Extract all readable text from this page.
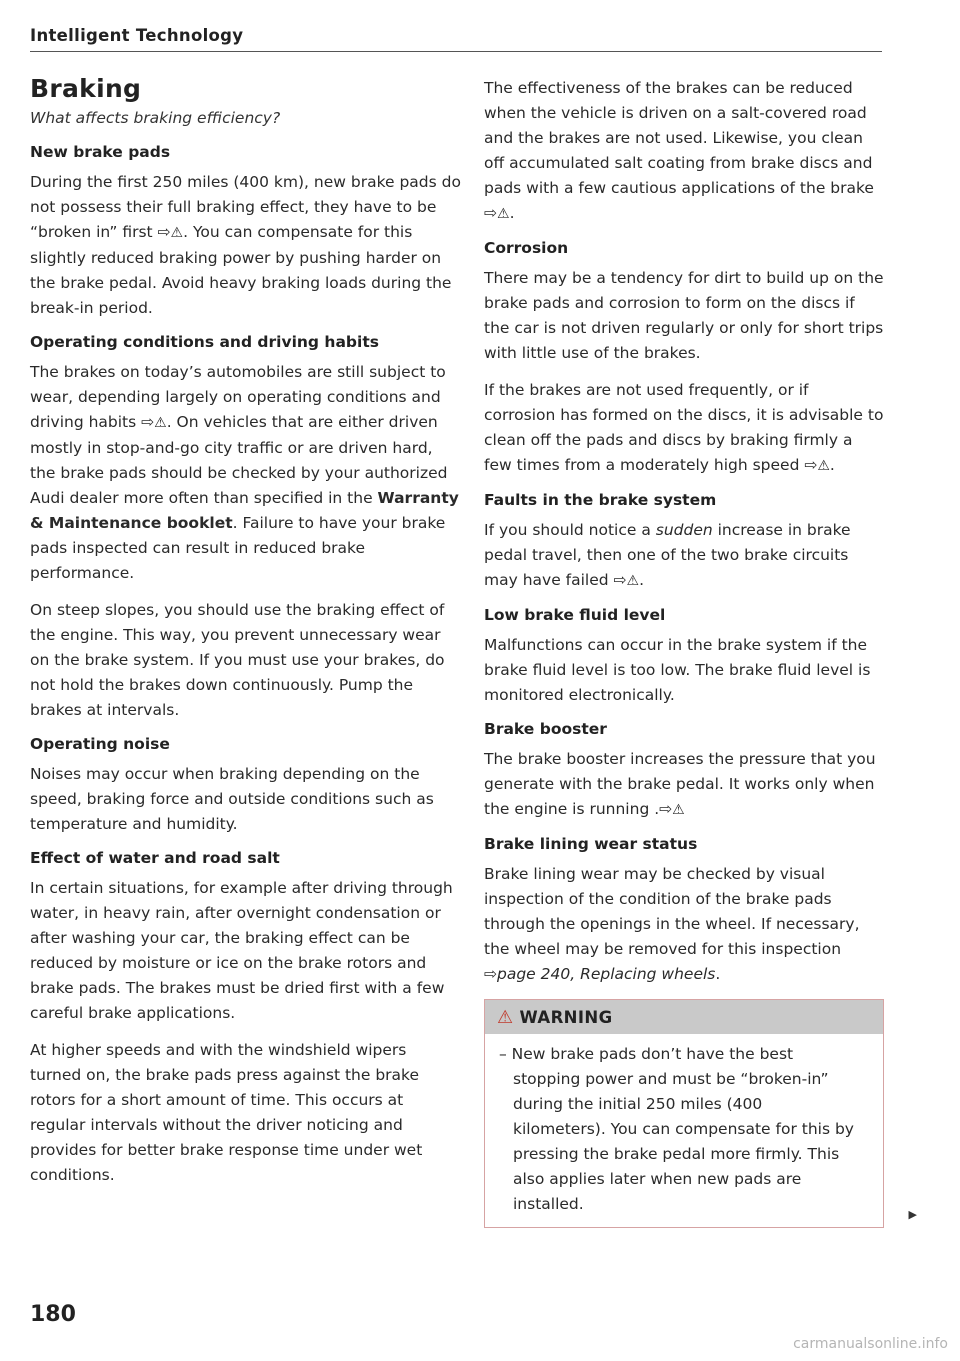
Intelligent Technology
Braking
What affects braking efficiency?
New brake pads

During the first 250 miles (400 km), new brake pads do not possess their full braking effect, they have to be “broken in” first ⇨⚠. You can compensate for this slightly reduced braking power by pushing harder on the brake pedal. Avoid heavy braking loads during the break-in period.

Operating conditions and driving habits

The brakes on today’s automobiles are still subject to wear, depending largely on operating conditions and driving habits ⇨⚠. On vehicles that are either driven mostly in stop-and-go city traffic or are driven hard, the brake pads should be checked by your authorized Audi dealer more often than specified in the Warranty & Maintenance booklet. Failure to have your brake pads inspected can result in reduced brake performance.

On steep slopes, you should use the braking effect of the engine. This way, you prevent unnecessary wear on the brake system. If you must use your brakes, do not hold the brakes down continuously. Pump the brakes at intervals.

Operating noise

Noises may occur when braking depending on the speed, braking force and outside conditions such as temperature and humidity.

Effect of water and road salt

In certain situations, for example after driving through water, in heavy rain, after overnight condensation or after washing your car, the braking effect can be reduced by moisture or ice on the brake rotors and brake pads. The brakes must be dried first with a few careful brake applications.

At higher speeds and with the windshield wipers turned on, the brake pads press against the brake rotors for a short amount of time. This occurs at regular intervals without the driver noticing and provides for better brake response time under wet conditions.

The effectiveness of the brakes can be reduced when the vehicle is driven on a salt-covered road and the brakes are not used. Likewise, you clean off accumulated salt coating from brake discs and pads with a few cautious applications of the brake ⇨⚠.

Corrosion

There may be a tendency for dirt to build up on the brake pads and corrosion to form on the discs if the car is not driven regularly or only for short trips with little use of the brakes.

If the brakes are not used frequently, or if corrosion has formed on the discs, it is advisable to clean off the pads and discs by braking firmly a few times from a moderately high speed ⇨⚠.

Faults in the brake system

If you should notice a sudden increase in brake pedal travel, then one of the two brake circuits may have failed ⇨⚠.

Low brake fluid level

Malfunctions can occur in the brake system if the brake fluid level is too low. The brake fluid level is monitored electronically.

Brake booster

The brake booster increases the pressure that you generate with the brake pedal. It works only when the engine is running .⇨⚠

Brake lining wear status

Brake lining wear may be checked by visual inspection of the condition of the brake pads through the openings in the wheel. If necessary, the wheel may be removed for this inspection ⇨page 240, Replacing wheels.

⚠ WARNING

– New brake pads don’t have the best stopping power and must be “broken-in” during the initial 250 miles (400 kilometers). You can compensate for this by pressing the brake pedal more firmly. This also applies later when new pads are installed.

▶
180
carmanualsonline.info
